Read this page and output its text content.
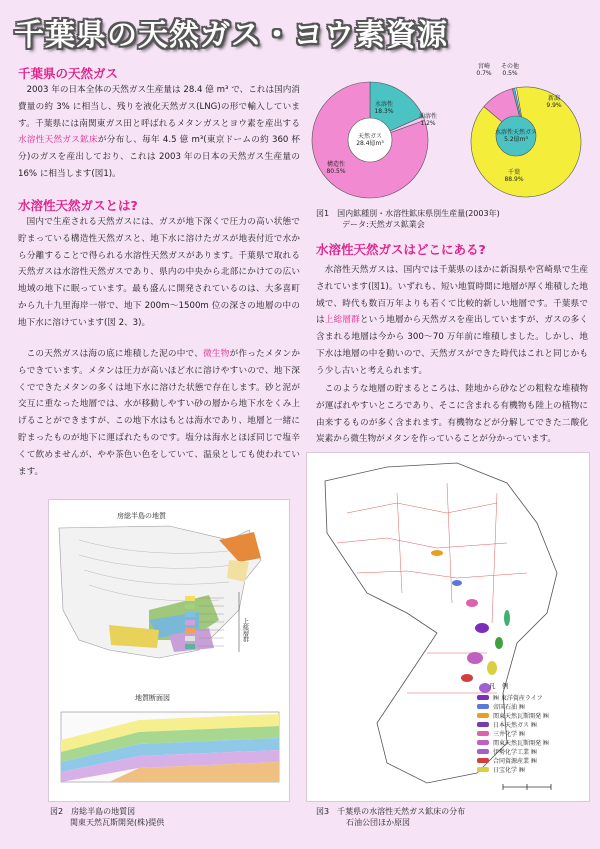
千葉県の天然ガス・ヨウ素資源
千葉県の天然ガス
2003 年の日本全体の天然ガス生産量は 28.4 億 m³ で、これは国内消費量の約 3% に相当し、残りを液化天然ガス(LNG)の形で輸入しています。千葉県には南関東ガス田と呼ばれるメタンガスとヨウ素を産出する水溶性天然ガス鉱床が分布し、毎年 4.5 億 m³(東京ドームの約 360 杯分)のガスを産出しており、これは 2003 年の日本の天然ガス生産量の 16% に相当します(図1)。
水溶性天然ガスとは?
国内で生産される天然ガスには、ガスが地下深くで圧力の高い状態で貯まっている構造性天然ガスと、地下水に溶けたガスが地表付近で水から分離することで得られる水溶性天然ガスがあります。千葉県で取れる天然ガスは水溶性天然ガスであり、県内の中央から北部にかけての広い地域の地下に眠っています。最も盛んに開発されているのは、大多喜町から九十九里海岸一帯で、地下 200m〜1500m 位の深さの地層の中の地下水に溶けています(図 2、3)。
この天然ガスは海の底に堆積した泥の中で、微生物が作ったメタンからできています。メタンは圧力が高いほど水に溶けやすいので、地下深くでできたメタンの多くは地下水に溶けた状態で存在します。砂と泥が交互に重なった地層では、水が移動しやすい砂の層から地下水をくみ上げることができますが、この地下水はもとは海水であり、地層と一緒に貯まったものが地下に運ばれたものです。塩分は海水とほぼ同じで塩辛くて飲めませんが、やや茶色い色をしていて、温泉としても使われています。
天然ガス 28.4億m³
水溶性 18.3%
油溶性 1.2%
構造性 80.5%
水溶性天然ガス 5.2億m³
千葉 88.9%
新潟 9.9%
宮崎 0.7%
その他 0.5%
図1　国内鉱種別・水溶性鉱床県別生産量(2003年)
データ:天然ガス鉱業会
水溶性天然ガスはどこにある?
水溶性天然ガスは、国内では千葉県のほかに新潟県や宮崎県で生産されています(図1)。いずれも、短い地質時間に地層が厚く堆積した地域で、時代も数百万年よりも若くて比較的新しい地層です。千葉県では上総層群という地層から天然ガスを産出していますが、ガスの多く含まれる地層は今から 300〜70 万年前に堆積しました。しかし、地下水は地層の中を動いので、天然ガスができた時代はこれと同じかもう少し古いと考えられます。
このような地層の貯まるところは、陸地から砂などの粗粒な堆積物が運ばれやすいところであり、そこに含まれる有機物も陸上の植物に由来するものが多く含まれます。有機物などが分解してできた二酸化炭素から微生物がメタンを作っていることが分かっています。
房総半島の地質
上総層群
地質断面図
図2　房総半島の地質図
関東天然瓦斯開発(株)提供
凡　例
㈱ 東洋資産ライフ
帝国石油 ㈱
関東天然瓦斯開発 ㈱
日本天然ガス ㈱
三井化学 ㈱
関東天然瓦斯開発 ㈱
伊勢化学工業 ㈱
合同資源産業 ㈱
日宝化学 ㈱
図3　千葉県の水溶性天然ガス鉱床の分布
石油公団ほか原図
